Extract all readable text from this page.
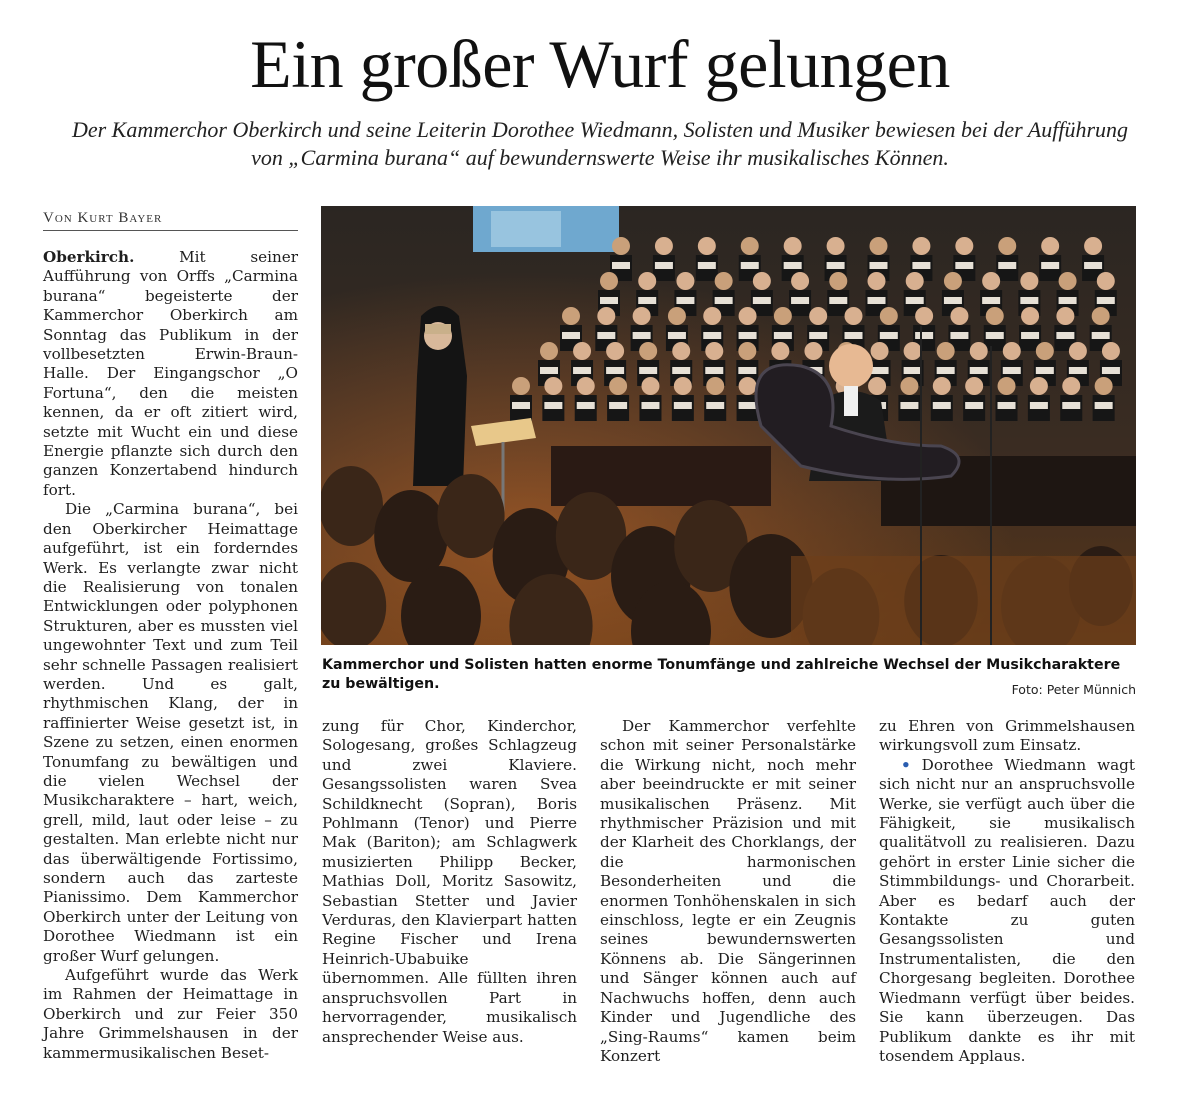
Ein großer Wurf gelungen
Der Kammerchor Oberkirch und seine Leiterin Dorothee Wiedmann, Solisten und Musiker bewiesen bei der Aufführung von „Carmina burana“ auf bewundernswerte Weise ihr musikalisches Können.
Von Kurt Bayer

Oberkirch. Mit seiner Aufführung von Orffs „Carmina burana“ begeisterte der Kammerchor Oberkirch am Sonntag das Publikum in der vollbesetzten Erwin-Braun-Halle. Der Eingangschor „O Fortuna“, den die meisten kennen, da er oft zitiert wird, setzte mit Wucht ein und diese Energie pflanzte sich durch den ganzen Konzertabend hindurch fort.

Die „Carmina burana“, bei den Oberkircher Heimattage aufgeführt, ist ein forderndes Werk. Es verlangte zwar nicht die Realisierung von tonalen Entwicklungen oder polyphonen Strukturen, aber es mussten viel ungewohnter Text und zum Teil sehr schnelle Passagen realisiert werden. Und es galt, rhythmischen Klang, der in raffinierter Weise gesetzt ist, in Szene zu setzen, einen enormen Tonumfang zu bewältigen und die vielen Wechsel der Musikcharaktere – hart, weich, grell, mild, laut oder leise – zu gestalten. Man erlebte nicht nur das überwältigende Fortissimo, sondern auch das zarteste Pianissimo. Dem Kammerchor Oberkirch unter der Leitung von Dorothee Wiedmann ist ein großer Wurf gelungen.

Aufgeführt wurde das Werk im Rahmen der Heimattage in Oberkirch und zur Feier 350 Jahre Grimmelshausen in der kammermusikalischen Beset-

Kammerchor und Solisten hatten enorme Tonumfänge und zahlreiche Wechsel der Musikcharaktere zu bewältigen.	Foto: Peter Münnich

zung für Chor, Kinderchor, Sologesang, großes Schlagzeug und zwei Klaviere. Gesangssolisten waren Svea Schildknecht (Sopran), Boris Pohlmann (Tenor) und Pierre Mak (Bariton); am Schlagwerk musizierten Philipp Becker, Mathias Doll, Moritz Sasowitz, Sebastian Stetter und Javier Verduras, den Klavierpart hatten Regine Fischer und Irena Heinrich-Ubabuike übernommen. Alle füllten ihren anspruchsvollen Part in hervorragender, musikalisch ansprechender Weise aus.

Der Kammerchor verfehlte schon mit seiner Personalstärke die Wirkung nicht, noch mehr aber beeindruckte er mit seiner musikalischen Präsenz. Mit rhythmischer Präzision und mit der Klarheit des Chorklangs, der die harmonischen Besonderheiten und die enormen Tonhöhenskalen in sich einschloss, legte er ein Zeugnis seines bewundernswerten Könnens ab. Die Sängerinnen und Sänger können auch auf Nachwuchs hoffen, denn auch Kinder und Jugendliche des „Sing-Raums“ kamen beim Konzert

zu Ehren von Grimmelshausen wirkungsvoll zum Einsatz.

• Dorothee Wiedmann wagt sich nicht nur an anspruchsvolle Werke, sie verfügt auch über die Fähigkeit, sie musikalisch qualitätvoll zu realisieren. Dazu gehört in erster Linie sicher die Stimmbildungs- und Chorarbeit. Aber es bedarf auch der Kontakte zu guten Gesangssolisten und Instrumentalisten, die den Chorgesang begleiten. Dorothee Wiedmann verfügt über beides. Sie kann überzeugen. Das Publikum dankte es ihr mit tosendem Applaus.
